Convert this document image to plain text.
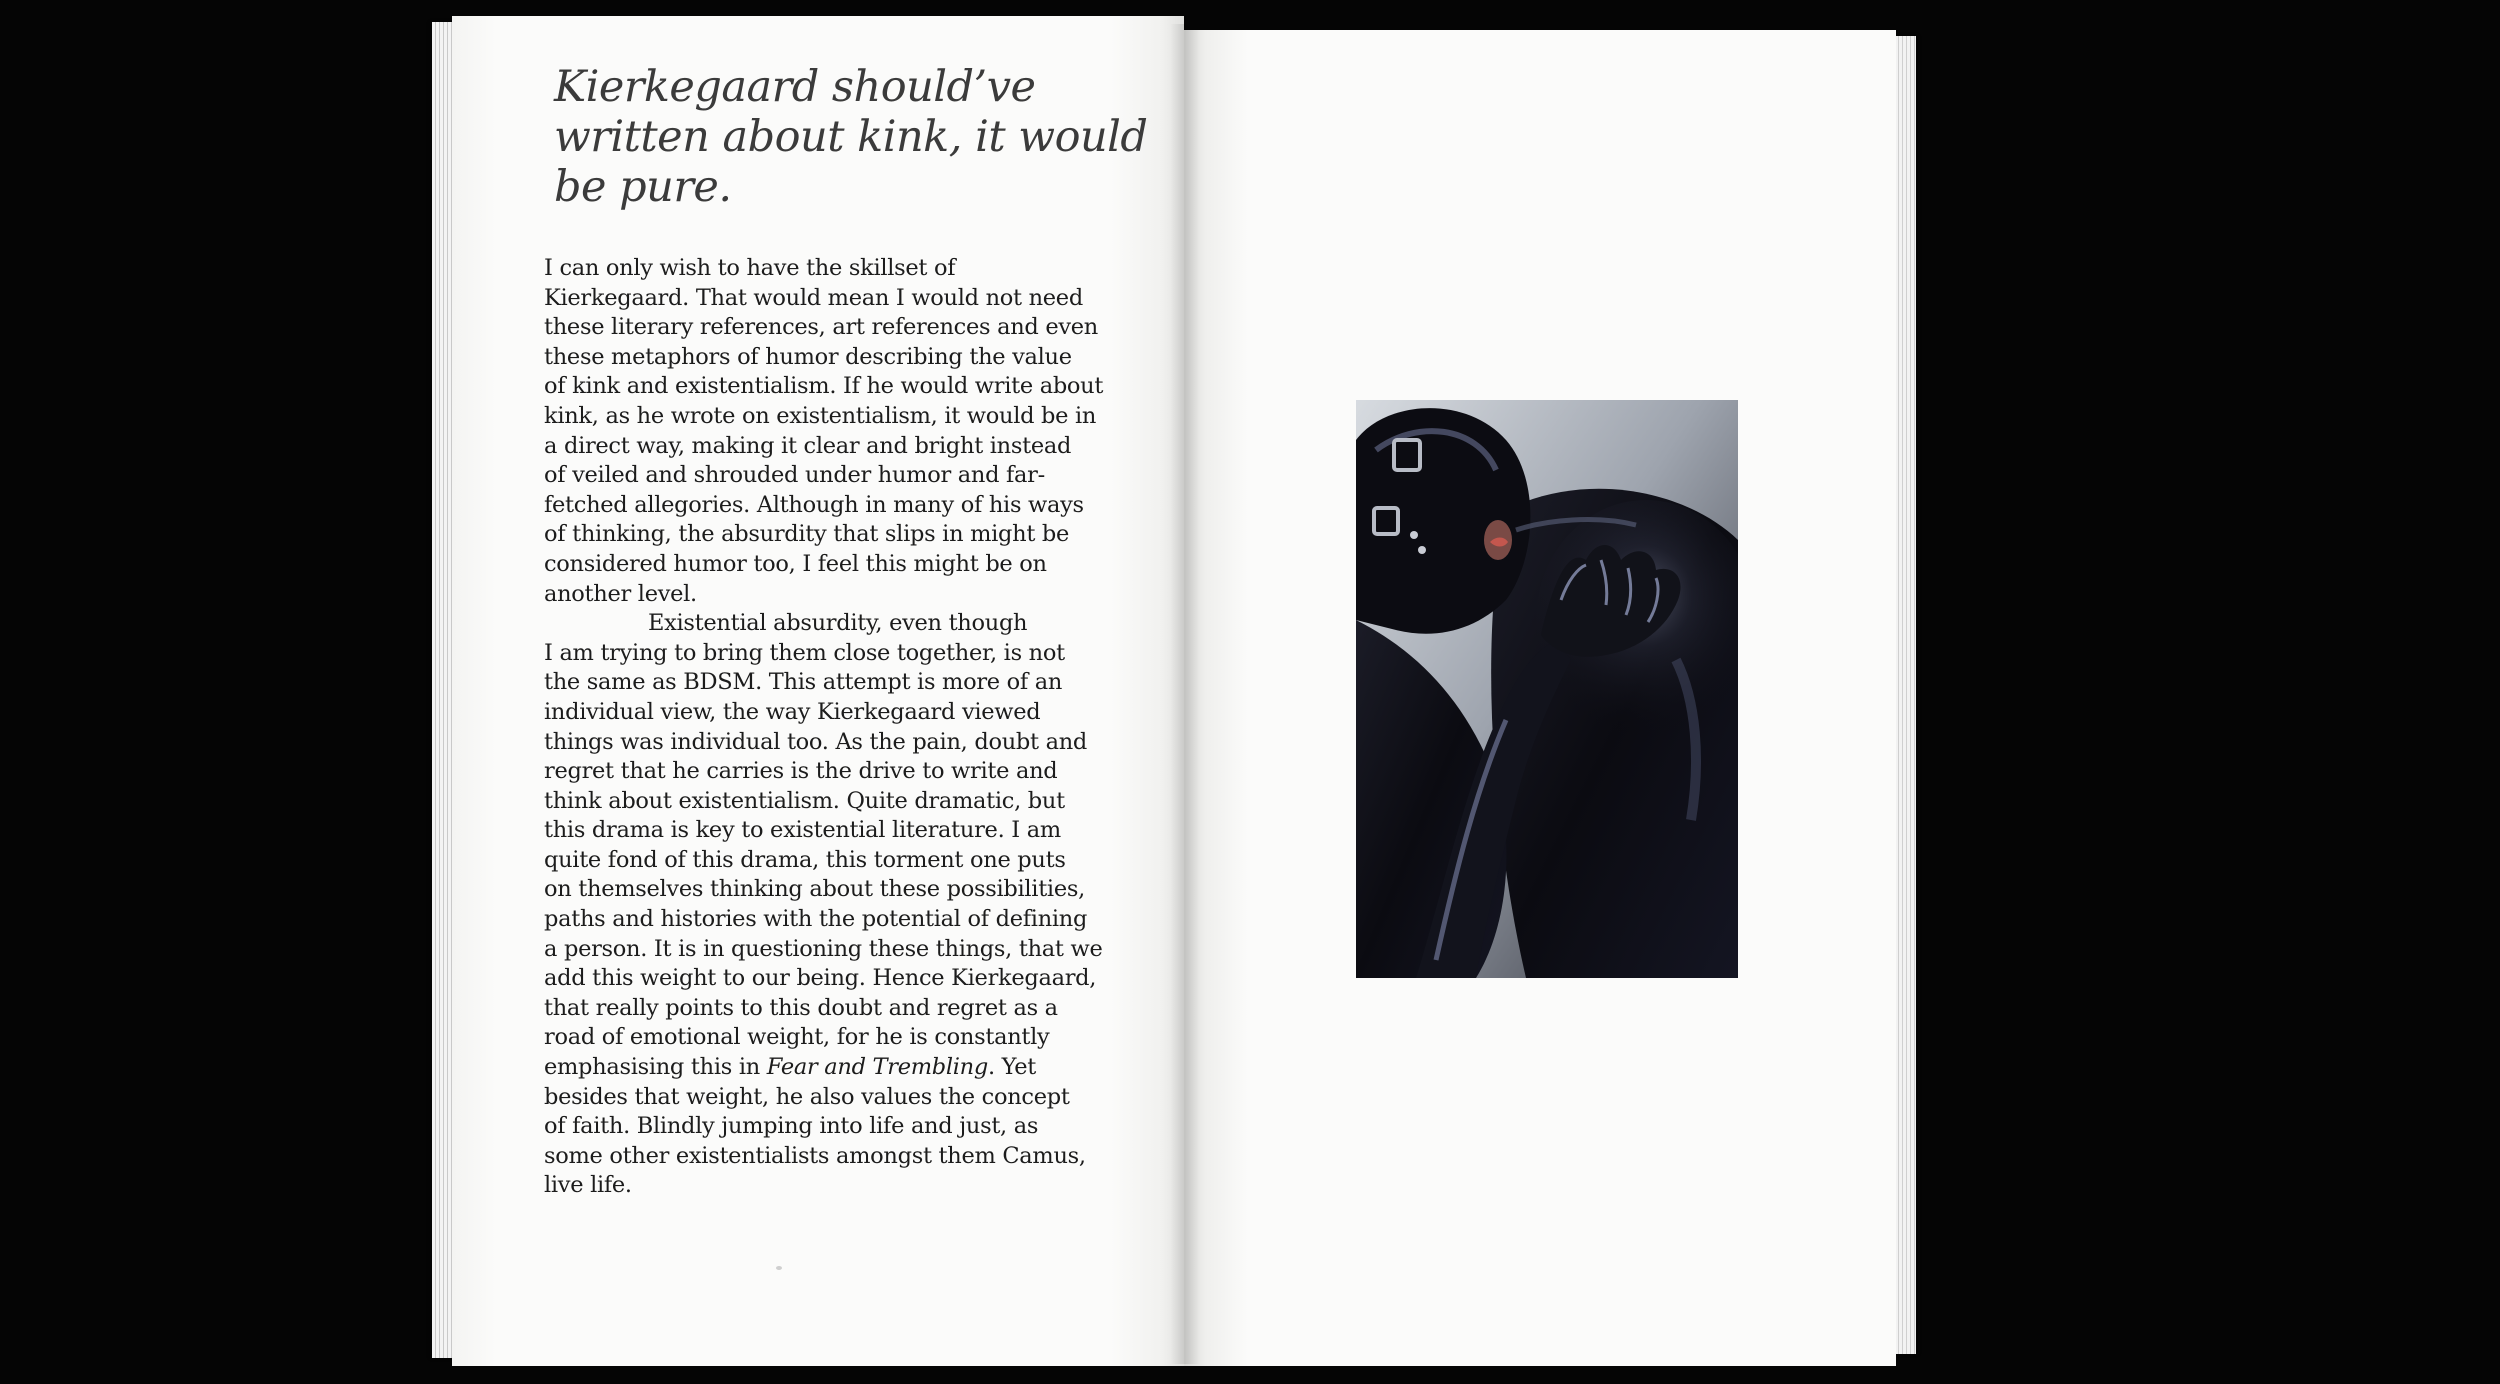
Kierkegaard should’ve
written about kink, it would
be pure.
I can only wish to have the skillset of
Kierkegaard. That would mean I would not need
these literary references, art references and even
these metaphors of humor describing the value
of kink and existentialism. If he would write about
kink, as he wrote on existentialism, it would be in
a direct way, making it clear and bright instead
of veiled and shrouded under humor and far-
fetched allegories. Although in many of his ways
of thinking, the absurdity that slips in might be
considered humor too, I feel this might be on
another level.
Existential absurdity, even though
I am trying to bring them close together, is not
the same as BDSM. This attempt is more of an
individual view, the way Kierkegaard viewed
things was individual too. As the pain, doubt and
regret that he carries is the drive to write and
think about existentialism. Quite dramatic, but
this drama is key to existential literature. I am
quite fond of this drama, this torment one puts
on themselves thinking about these possibilities,
paths and histories with the potential of defining
a person. It is in questioning these things, that we
add this weight to our being. Hence Kierkegaard,
that really points to this doubt and regret as a
road of emotional weight, for he is constantly
emphasising this in Fear and Trembling. Yet
besides that weight, he also values the concept
of faith. Blindly jumping into life and just, as
some other existentialists amongst them Camus,
live life.
